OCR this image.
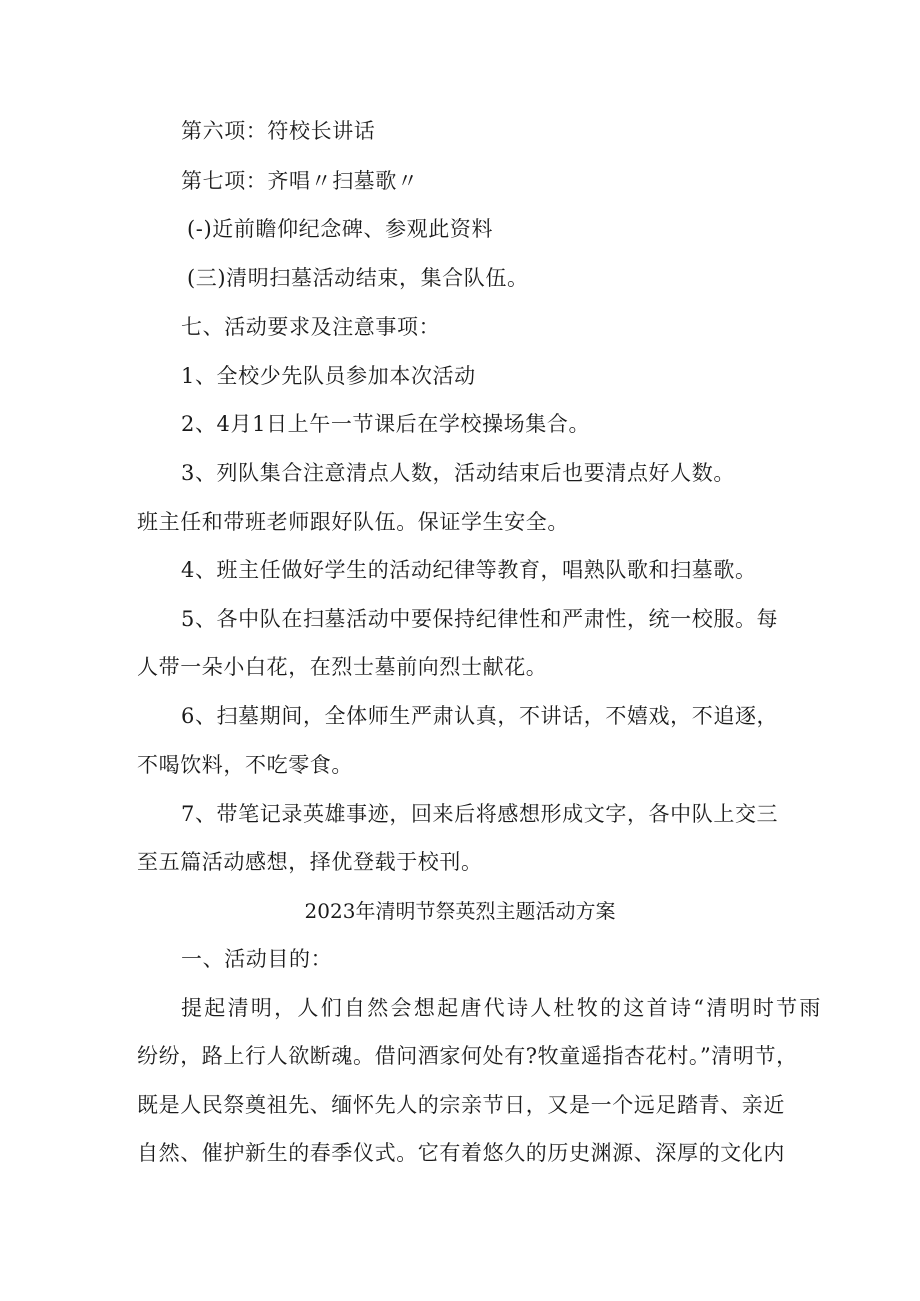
第六项：符校长讲话
第七项：齐唱〃扫墓歌〃
(-)近前瞻仰纪念碑、参观此资料
(三)清明扫墓活动结束，集合队伍。
七、活动要求及注意事项：
1、全校少先队员参加本次活动
2、4月1日上午一节课后在学校操场集合。
3、列队集合注意清点人数，活动结束后也要清点好人数。
班主任和带班老师跟好队伍。保证学生安全。
4、班主任做好学生的活动纪律等教育，唱熟队歌和扫墓歌。
5、各中队在扫墓活动中要保持纪律性和严肃性，统一校服。每
人带一朵小白花，在烈士墓前向烈士献花。
6、扫墓期间，全体师生严肃认真，不讲话，不嬉戏，不追逐，
不喝饮料，不吃零食。
7、带笔记录英雄事迹，回来后将感想形成文字，各中队上交三
至五篇活动感想，择优登载于校刊。
2023年清明节祭英烈主题活动方案
一、活动目的：
提起清明，人们自然会想起唐代诗人杜牧的这首诗“清明时节雨
纷纷，路上行人欲断魂。借问酒家何处有?牧童遥指杏花村。”清明节，
既是人民祭奠祖先、缅怀先人的宗亲节日，又是一个远足踏青、亲近
自然、催护新生的春季仪式。它有着悠久的历史渊源、深厚的文化内
